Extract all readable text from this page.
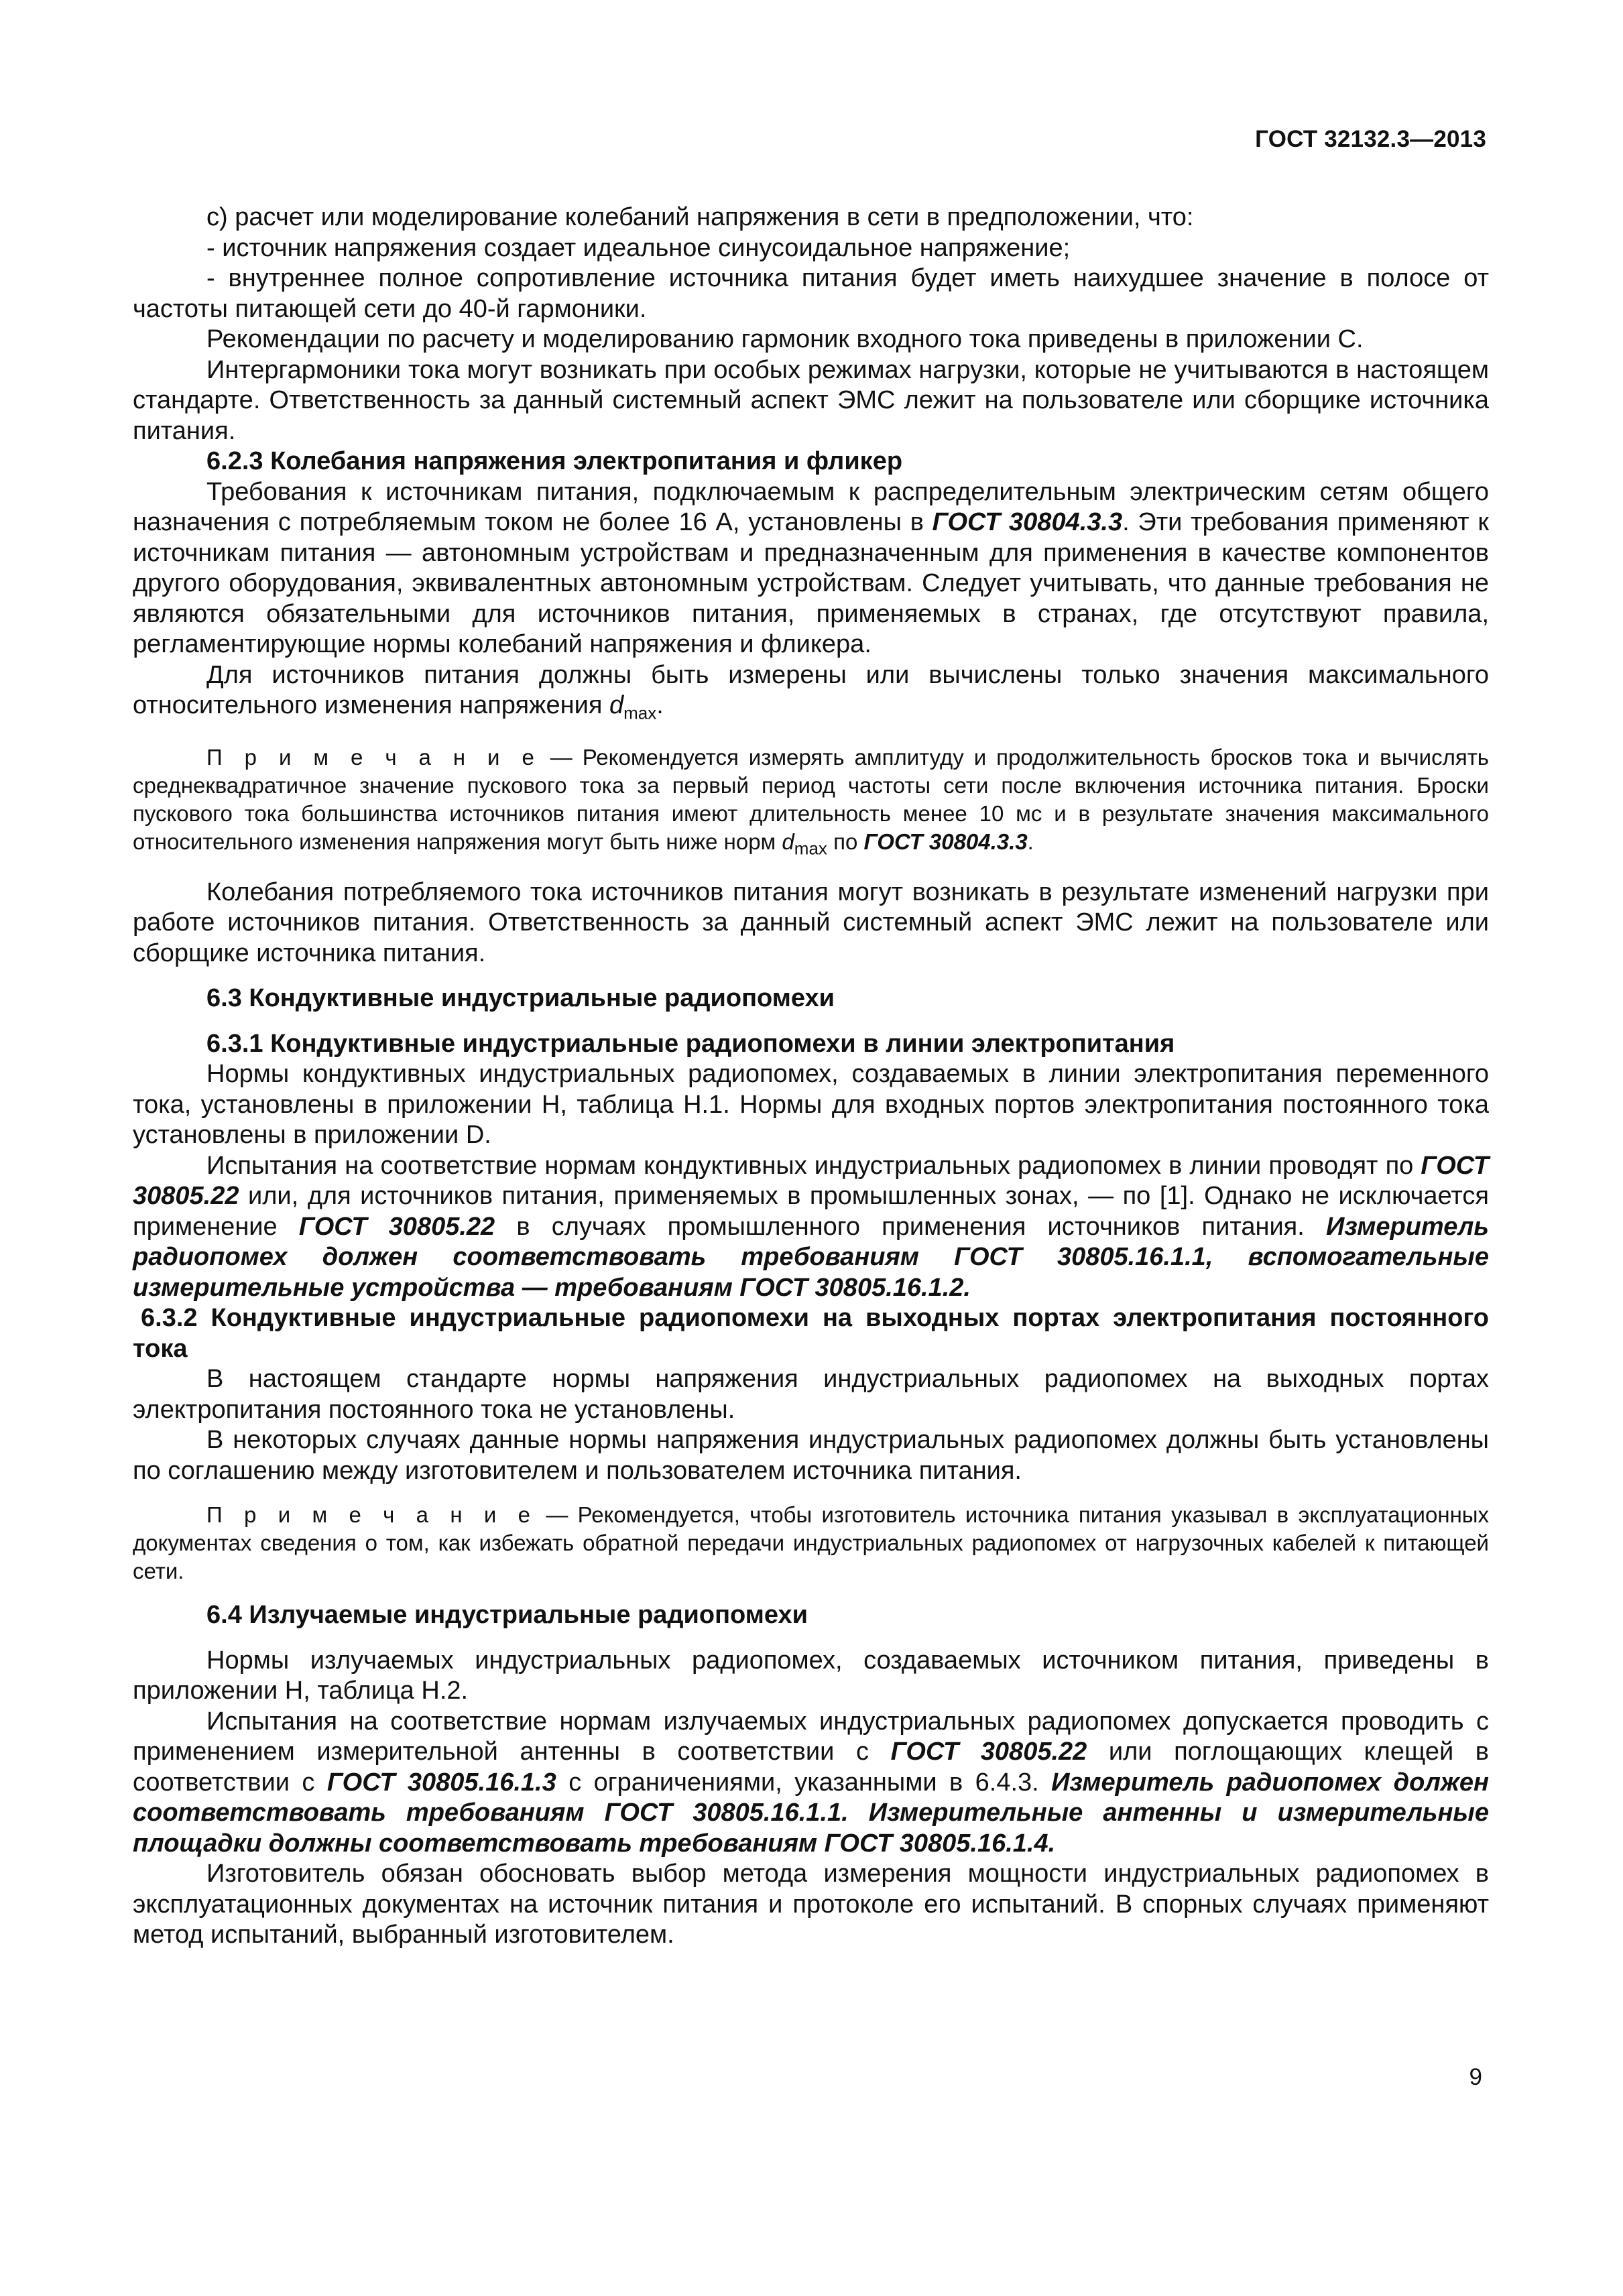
ГОСТ 32132.3—2013

с) расчет или моделирование колебаний напряжения в сети в предположении, что:

- источник напряжения создает идеальное синусоидальное напряжение;

- внутреннее полное сопротивление источника питания будет иметь наихудшее значение в полосе от частоты питающей сети до 40-й гармоники.

Рекомендации по расчету и моделированию гармоник входного тока приведены в приложении С.

Интергармоники тока могут возникать при особых режимах нагрузки, которые не учитываются в настоящем стандарте. Ответственность за данный системный аспект ЭМС лежит на пользователе или сборщике источника питания.

6.2.3 Колебания напряжения электропитания и фликер

Требования к источникам питания, подключаемым к распределительным электрическим сетям общего назначения с потребляемым током не более 16 А, установлены в ГОСТ 30804.3.3. Эти требования применяют к источникам питания — автономным устройствам и предназначенным для применения в качестве компонентов другого оборудования, эквивалентных автономным устройствам. Следует учитывать, что данные требования не являются обязательными для источников питания, применяемых в странах, где отсутствуют правила, регламентирующие нормы колебаний напряжения и фликера.

Для источников питания должны быть измерены или вычислены только значения максимального относительного изменения напряжения $d_{max}$.

П р и м е ч а н и е — Рекомендуется измерять амплитуду и продолжительность бросков тока и вычислять среднеквадратичное значение пускового тока за первый период частоты сети после включения источника питания. Броски пускового тока большинства источников питания имеют длительность менее 10 мс и в результате значения максимального относительного изменения напряжения могут быть ниже норм $d_{max}$ по ГОСТ 30804.3.3.

Колебания потребляемого тока источников питания могут возникать в результате изменений нагрузки при работе источников питания. Ответственность за данный системный аспект ЭМС лежит на пользователе или сборщике источника питания.

6.3 Кондуктивные индустриальные радиопомехи
6.3.1 Кондуктивные индустриальные радиопомехи в линии электропитания

Нормы кондуктивных индустриальных радиопомех, создаваемых в линии электропитания переменного тока, установлены в приложении Н, таблица Н.1. Нормы для входных портов электропитания постоянного тока установлены в приложении D.

Испытания на соответствие нормам кондуктивных индустриальных радиопомех в линии проводят по ГОСТ 30805.22 или, для источников питания, применяемых в промышленных зонах, — по [1]. Однако не исключается применение ГОСТ 30805.22 в случаях промышленного применения источников питания. Измеритель радиопомех должен соответствовать требованиям ГОСТ 30805.16.1.1, вспомогательные измерительные устройства — требованиям ГОСТ 30805.16.1.2.

6.3.2 Кондуктивные индустриальные радиопомехи на выходных портах электропитания постоянного тока

В настоящем стандарте нормы напряжения индустриальных радиопомех на выходных портах электропитания постоянного тока не установлены.

В некоторых случаях данные нормы напряжения индустриальных радиопомех должны быть установлены по соглашению между изготовителем и пользователем источника питания.

П р и м е ч а н и е — Рекомендуется, чтобы изготовитель источника питания указывал в эксплуатационных документах сведения о том, как избежать обратной передачи индустриальных радиопомех от нагрузочных кабелей к питающей сети.

6.4 Излучаемые индустриальные радиопомехи

Нормы излучаемых индустриальных радиопомех, создаваемых источником питания, приведены в приложении Н, таблица Н.2.

Испытания на соответствие нормам излучаемых индустриальных радиопомех допускается проводить с применением измерительной антенны в соответствии с ГОСТ 30805.22 или поглощающих клещей в соответствии с ГОСТ 30805.16.1.3 с ограничениями, указанными в 6.4.3. Измеритель радиопомех должен соответствовать требованиям ГОСТ 30805.16.1.1. Измерительные антенны и измерительные площадки должны соответствовать требованиям ГОСТ 30805.16.1.4.

Изготовитель обязан обосновать выбор метода измерения мощности индустриальных радиопомех в эксплуатационных документах на источник питания и протоколе его испытаний. В спорных случаях применяют метод испытаний, выбранный изготовителем.

9
